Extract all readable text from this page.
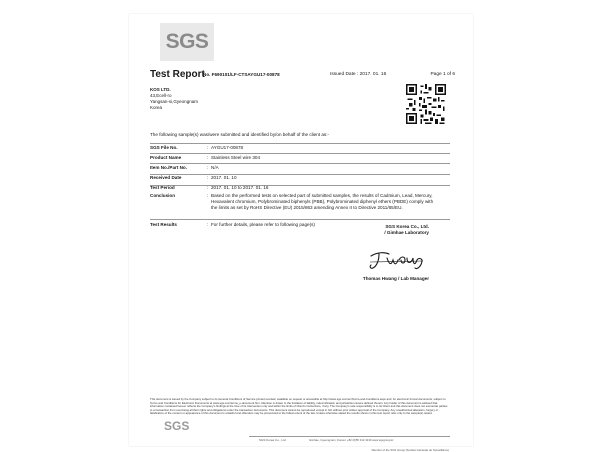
SGS
Test Report
No. F690101/LF-CTSAYGU17-00878	Issued Date : 2017. 01. 16	Page 1 of 6
KOS LTD.
43,Ecell-ro
Yangsan-si,Gyeongnam
Korea
The following sample(s) was/were submitted and identified by/on behalf of the client as:-
SGS File No.	: AYGU17-00878
Product Name	: Stainless Steel wire 304
Item No./Part No.	: N/A
Received Date	: 2017. 01. 10
Test Period	: 2017. 01. 10 to 2017. 01. 16
Conclusion	: Based on the performed tests on selected part of submitted samples, the results of Cadmium, Lead, Mercury, Hexavalent chromium, Polybrominated biphenyls (PBB), Polybrominated diphenyl ethers (PBDE) comply with the limits as set by RoHS Directive (EU) 2015/863 amending Annex II to Directive 2011/65/EU.
Test Results	: For further details, please refer to following page(s)	SGS Korea Co., Ltd.
/ Gimhae Laboratory
Thomas Hwang / Lab Manager
This document is issued by the Company subject to its General Conditions of Service printed overleaf, available on request or accessible at http://www.sgs.com/en/Terms-and-Conditions.aspx and, for electronic format documents, subject to Terms and Conditions for Electronic Documents at www.sgs.com/terms_e-document.htm. Attention is drawn to the limitation of liability, indemnification and jurisdiction issues defined therein. Any holder of this document is advised that information contained hereon reflects the Company's findings at the time of its intervention only and within the limits of Client's instructions, if any. The Company's sole responsibility is to its Client and this document does not exonerate parties to a transaction from exercising all their rights and obligations under the transaction documents. This document cannot be reproduced except in full, without prior written approval of the Company. Any unauthorized alteration, forgery or falsification of the content or appearance of this document is unlawful and offenders may be prosecuted to the fullest extent of the law. Unless otherwise stated the results shown in this test report refer only to the sample(s) tested.
SGS
SGS Korea Co., Ltd.	Gimhae, Gyeongnam, Korea t +82 (0)55 312 4130 www.sgsgroup.kr
Member of the SGS Group (Société Générale de Surveillance)
